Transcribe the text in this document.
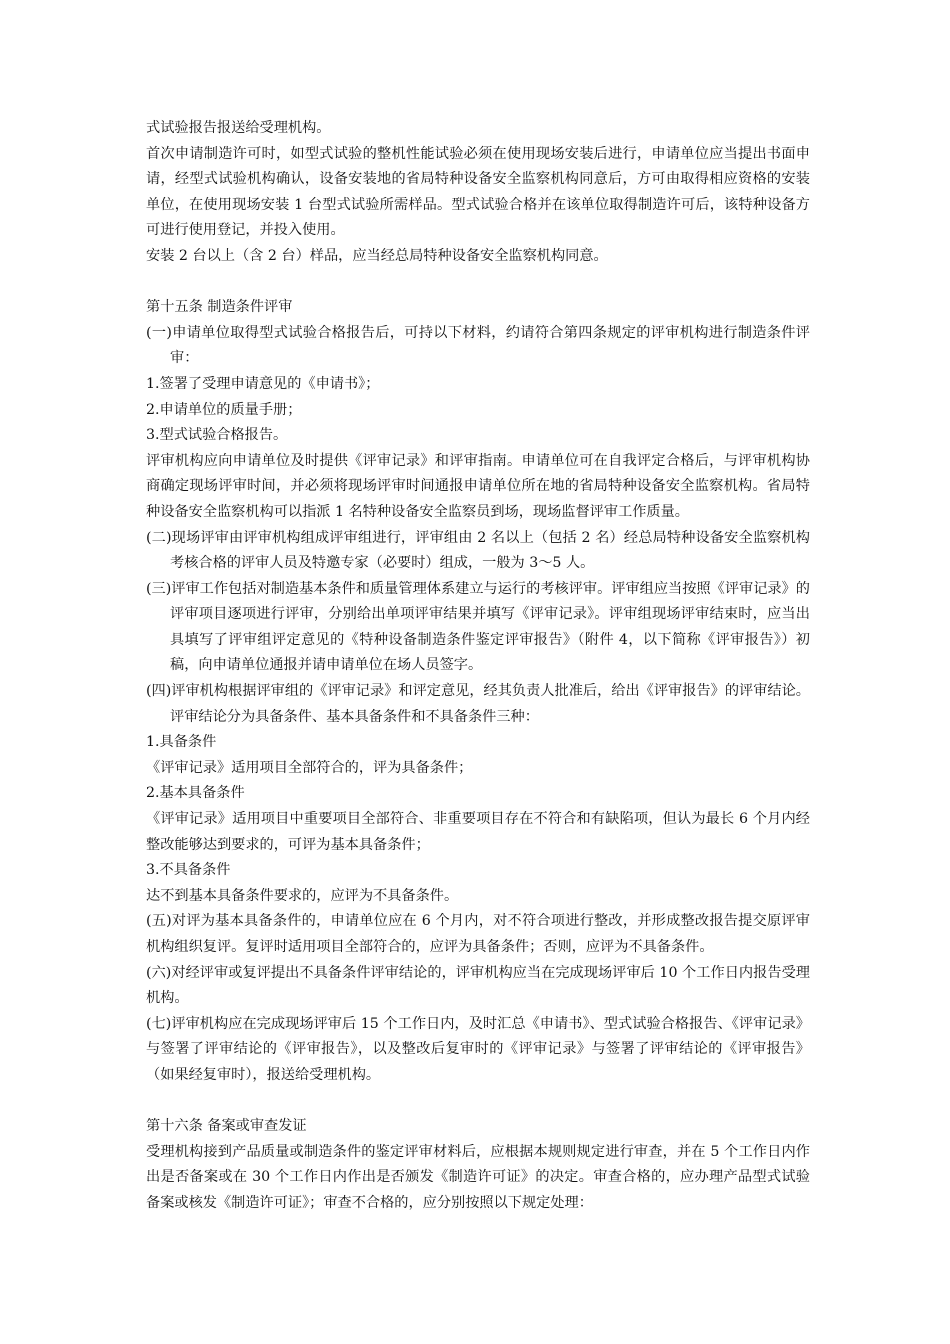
式试验报告报送给受理机构。

首次申请制造许可时，如型式试验的整机性能试验必须在使用现场安装后进行，申请单位应当提出书面申请，经型式试验机构确认，设备安装地的省局特种设备安全监察机构同意后，方可由取得相应资格的安装单位，在使用现场安装 1 台型式试验所需样品。型式试验合格并在该单位取得制造许可后，该特种设备方可进行使用登记，并投入使用。

安装 2 台以上（含 2 台）样品，应当经总局特种设备安全监察机构同意。

第十五条 制造条件评审

(一)申请单位取得型式试验合格报告后，可持以下材料，约请符合第四条规定的评审机构进行制造条件评审：

1.签署了受理申请意见的《申请书》；

2.申请单位的质量手册；

3.型式试验合格报告。

评审机构应向申请单位及时提供《评审记录》和评审指南。申请单位可在自我评定合格后，与评审机构协商确定现场评审时间，并必须将现场评审时间通报申请单位所在地的省局特种设备安全监察机构。省局特种设备安全监察机构可以指派 1 名特种设备安全监察员到场，现场监督评审工作质量。

(二)现场评审由评审机构组成评审组进行，评审组由 2 名以上（包括 2 名）经总局特种设备安全监察机构考核合格的评审人员及特邀专家（必要时）组成，一般为 3～5 人。

(三)评审工作包括对制造基本条件和质量管理体系建立与运行的考核评审。评审组应当按照《评审记录》的评审项目逐项进行评审，分别给出单项评审结果并填写《评审记录》。评审组现场评审结束时，应当出具填写了评审组评定意见的《特种设备制造条件鉴定评审报告》（附件 4，以下简称《评审报告》）初稿，向申请单位通报并请申请单位在场人员签字。

(四)评审机构根据评审组的《评审记录》和评定意见，经其负责人批准后，给出《评审报告》的评审结论。评审结论分为具备条件、基本具备条件和不具备条件三种：

1.具备条件

《评审记录》适用项目全部符合的，评为具备条件；

2.基本具备条件

《评审记录》适用项目中重要项目全部符合、非重要项目存在不符合和有缺陷项，但认为最长 6 个月内经整改能够达到要求的，可评为基本具备条件；

3.不具备条件

达不到基本具备条件要求的，应评为不具备条件。

(五)对评为基本具备条件的，申请单位应在 6 个月内，对不符合项进行整改，并形成整改报告提交原评审机构组织复评。复评时适用项目全部符合的，应评为具备条件；否则，应评为不具备条件。

(六)对经评审或复评提出不具备条件评审结论的，评审机构应当在完成现场评审后 10 个工作日内报告受理机构。

(七)评审机构应在完成现场评审后 15 个工作日内，及时汇总《申请书》、型式试验合格报告、《评审记录》与签署了评审结论的《评审报告》，以及整改后复审时的《评审记录》与签署了评审结论的《评审报告》（如果经复审时），报送给受理机构。

第十六条 备案或审查发证

受理机构接到产品质量或制造条件的鉴定评审材料后，应根据本规则规定进行审查，并在 5 个工作日内作出是否备案或在 30 个工作日内作出是否颁发《制造许可证》的决定。审查合格的，应办理产品型式试验备案或核发《制造许可证》；审查不合格的，应分别按照以下规定处理：
